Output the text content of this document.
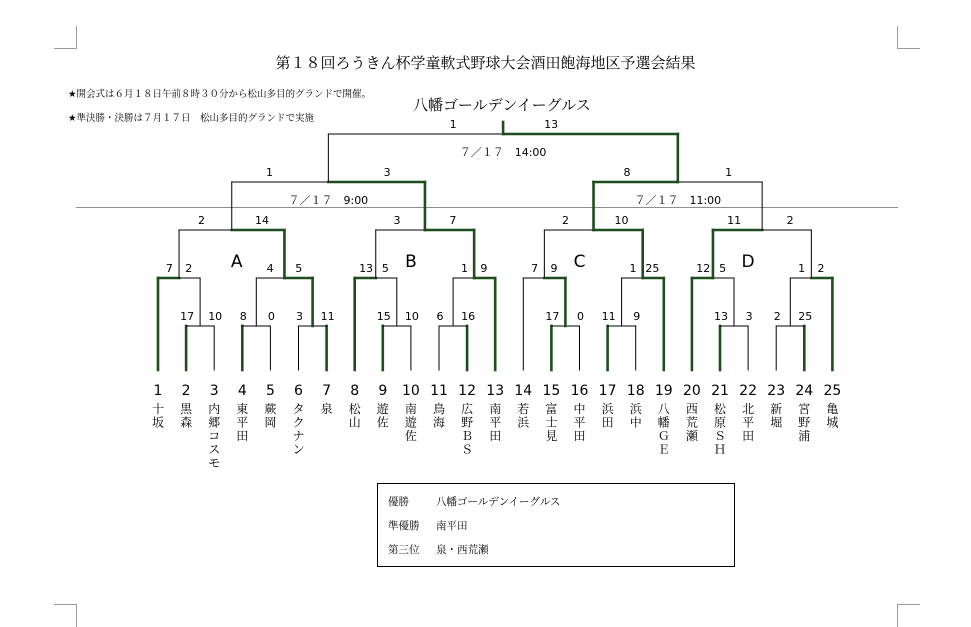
第１８回ろうきん杯学童軟式野球大会酒田飽海地区予選会結果
★開会式は６月１８日午前８時３０分から松山多目的グランドで開催。
★準決勝・決勝は７月１７日　松山多目的グランドで実施
八幡ゴールデンイーグルス
17 10 8 0 3 11	15 10 6 16	17 0 11 9	13 3 2 25
7 2	4 5	13 5	1 9	7 9	1 25	12 5	1 2
2	14	3	7	2	10	11	2
1	3	8	1
1	13
７／１７　14:00
７／１７　9:00	７／１７　11:00
A	B	C	D
1
十坂
2
黒森
3
内郷コスモ
4
東平田
5
蕨岡
6
タクナン
7
泉
8
松山
9
遊佐
10
南遊佐
11
鳥海
12
広野ＢＳ
13
南平田
14
若浜
15
富士見
16
中平田
17
浜田
18
浜中
19
八幡ＧＥ
20
西荒瀬
21
松原ＳＨ
22
北平田
23
新堀
24
宮野浦
25
亀城
優勝	八幡ゴールデンイーグルス
準優勝 南平田
第三位 泉・西荒瀬
